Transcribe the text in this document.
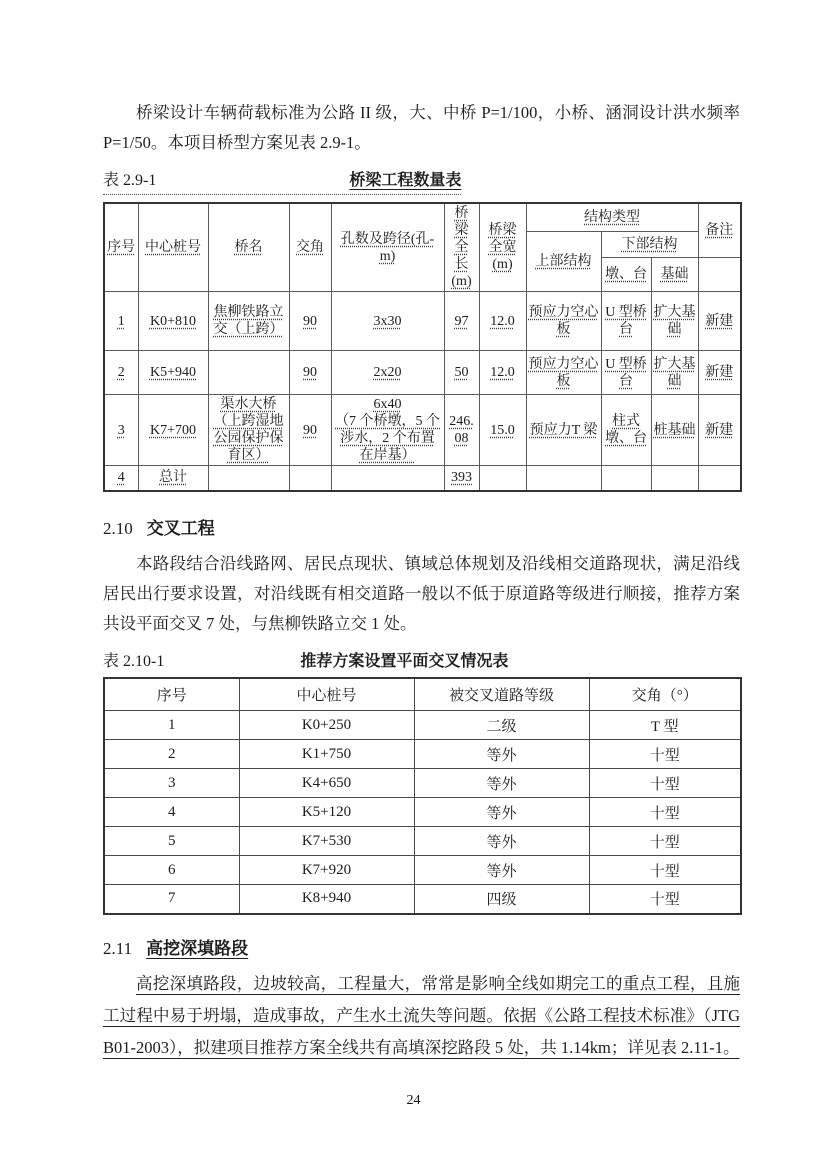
桥梁设计车辆荷载标准为公路 II 级，大、中桥 P=1/100，小桥、涵洞设计洪水频率 P=1/50。本项目桥型方案见表 2.9-1。

表 2.9-1	桥梁工程数量表
序号	中心桩号	桥名	交角	孔数及跨径(孔-m)	桥
梁
全
长
(m)	桥梁
全宽
(m)	结构类型			备注
							上部结构	下部结构		
								墩、台	基础	
1	K0+810	焦柳铁路立交（上跨）	90	3x30	97	12.0	预应力空心板	U 型桥台	扩大基础	新建
2	K5+940		90	2x20	50	12.0	预应力空心板	U 型桥台	扩大基础	新建
3	K7+700	渠水大桥（上跨湿地公园保护保育区）	90	6x40
（7 个桥墩，5 个涉水，2 个布置在岸基）	246.08	15.0	预应力T 梁	柱式墩、台	桩基础	新建
4	总计				393					
2.10 交叉工程

本路段结合沿线路网、居民点现状、镇域总体规划及沿线相交道路现状，满足沿线居民出行要求设置，对沿线既有相交道路一般以不低于原道路等级进行顺接，推荐方案共设平面交叉 7 处，与焦柳铁路立交 1 处。

表 2.10-1	推荐方案设置平面交叉情况表
序号	中心桩号	被交叉道路等级	交角（°）
1	K0+250	二级	T 型
2	K1+750	等外	十型
3	K4+650	等外	十型
4	K5+120	等外	十型
5	K7+530	等外	十型
6	K7+920	等外	十型
7	K8+940	四级	十型
2.11 高挖深填路段

高挖深填路段，边坡较高，工程量大，常常是影响全线如期完工的重点工程，且施工过程中易于坍塌，造成事故，产生水土流失等问题。依据《公路工程技术标准》（JTG B01-2003），拟建项目推荐方案全线共有高填深挖路段 5 处，共 1.14km；详见表 2.11-1。

24
